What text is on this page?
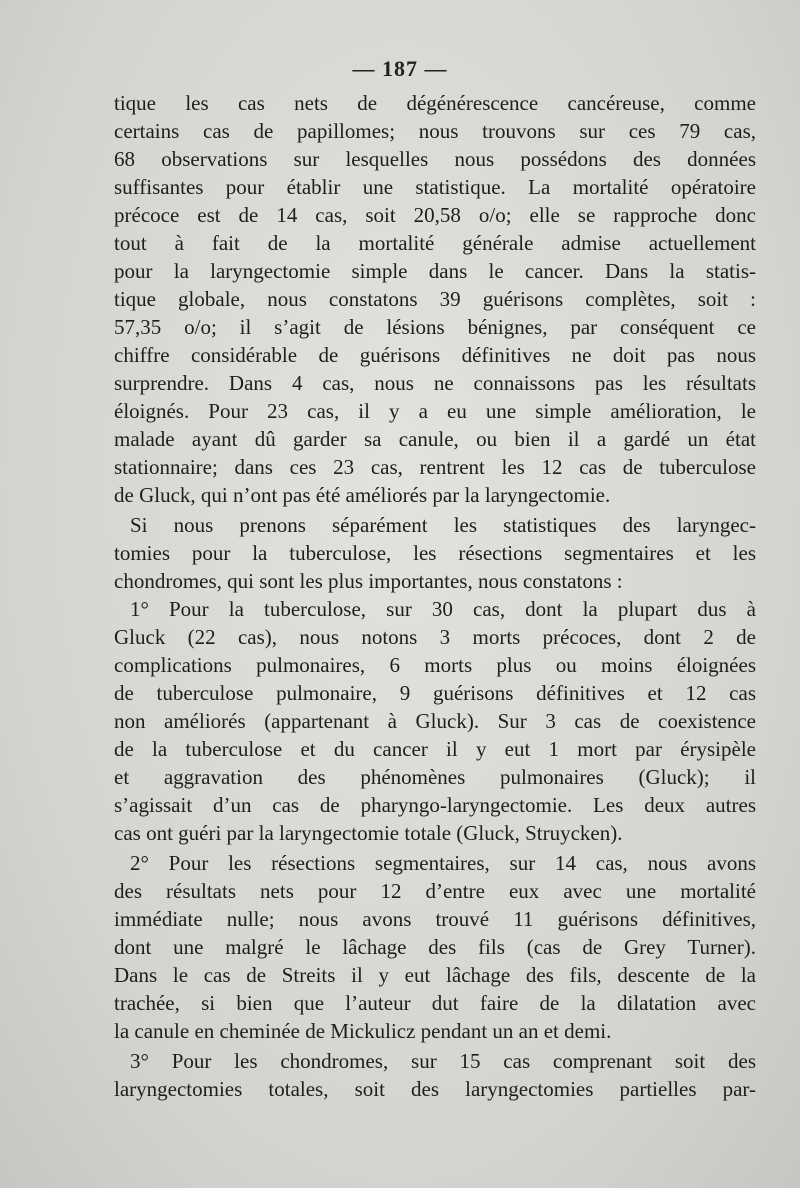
— 187 —
tique les cas nets de dégénérescence cancéreuse, comme
certains cas de papillomes; nous trouvons sur ces 79 cas,
68 observations sur lesquelles nous possédons des données
suffisantes pour établir une statistique. La mortalité opératoire
précoce est de 14 cas, soit 20,58 o/o; elle se rapproche donc
tout à fait de la mortalité générale admise actuellement
pour la laryngectomie simple dans le cancer. Dans la statis-
tique globale, nous constatons 39 guérisons complètes, soit :
57,35 o/o; il s’agit de lésions bénignes, par conséquent ce
chiffre considérable de guérisons définitives ne doit pas nous
surprendre. Dans 4 cas, nous ne connaissons pas les résultats
éloignés. Pour 23 cas, il y a eu une simple amélioration, le
malade ayant dû garder sa canule, ou bien il a gardé un état
stationnaire; dans ces 23 cas, rentrent les 12 cas de tuberculose
de Gluck, qui n’ont pas été améliorés par la laryngectomie.
Si nous prenons séparément les statistiques des laryngec-
tomies pour la tuberculose, les résections segmentaires et les
chondromes, qui sont les plus importantes, nous constatons :
1° Pour la tuberculose, sur 30 cas, dont la plupart dus à
Gluck (22 cas), nous notons 3 morts précoces, dont 2 de
complications pulmonaires, 6 morts plus ou moins éloignées
de tuberculose pulmonaire, 9 guérisons définitives et 12 cas
non améliorés (appartenant à Gluck). Sur 3 cas de coexistence
de la tuberculose et du cancer il y eut 1 mort par érysipèle
et aggravation des phénomènes pulmonaires (Gluck); il
s’agissait d’un cas de pharyngo-laryngectomie. Les deux autres
cas ont guéri par la laryngectomie totale (Gluck, Struycken).
2° Pour les résections segmentaires, sur 14 cas, nous avons
des résultats nets pour 12 d’entre eux avec une mortalité
immédiate nulle; nous avons trouvé 11 guérisons définitives,
dont une malgré le lâchage des fils (cas de Grey Turner).
Dans le cas de Streits il y eut lâchage des fils, descente de la
trachée, si bien que l’auteur dut faire de la dilatation avec
la canule en cheminée de Mickulicz pendant un an et demi.
3° Pour les chondromes, sur 15 cas comprenant soit des
laryngectomies totales, soit des laryngectomies partielles par-
